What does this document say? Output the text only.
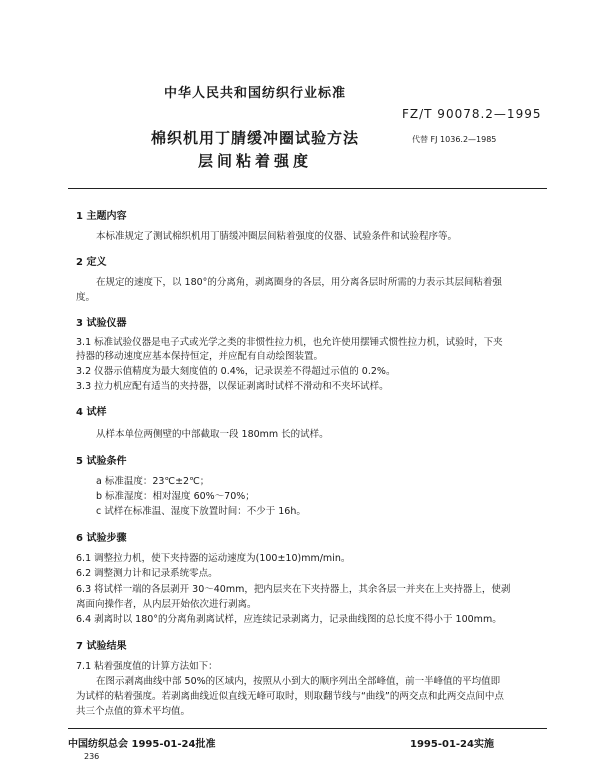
中华人民共和国纺织行业标准
FZ/T 90078.2—1995
棉织机用丁腈缓冲圈试验方法	代替 FJ 1036.2—1985
层间粘着强度
1 主题内容
本标准规定了测试棉织机用丁腈缓冲圈层间粘着强度的仪器、试验条件和试验程序等。
2 定义
在规定的速度下，以 180°的分离角，剥离圈身的各层，用分离各层时所需的力表示其层间粘着强
度。
3 试验仪器
3.1 标准试验仪器是电子式或光学之类的非惯性拉力机，也允许使用摆锤式惯性拉力机，试验时，下夹
持器的移动速度应基本保持恒定，并应配有自动绘图装置。
3.2 仪器示值精度为最大刻度值的 0.4%，记录误差不得超过示值的 0.2%。
3.3 拉力机应配有适当的夹持器，以保证剥离时试样不滑动和不夹坏试样。
4 试样
从样本单位两侧壁的中部截取一段 180mm 长的试样。
5 试验条件
a 标准温度：23℃±2℃；
b 标准湿度：相对湿度 60%～70%；
c 试样在标准温、湿度下放置时间：不少于 16h。
6 试验步骤
6.1 调整拉力机，使下夹持器的运动速度为(100±10)mm/min。
6.2 调整测力计和记录系统零点。
6.3 将试样一端的各层剥开 30～40mm，把内层夹在下夹持器上，其余各层一并夹在上夹持器上，使剥
离面向操作者，从内层开始依次进行剥离。
6.4 剥离时以 180°的分离角剥离试样，应连续记录剥离力，记录曲线图的总长度不得小于 100mm。
7 试验结果
7.1 粘着强度值的计算方法如下：
在图示剥离曲线中部 50%的区域内，按照从小到大的顺序列出全部峰值，前一半峰值的平均值即
为试样的粘着强度。若剥离曲线近似直线无峰可取时，则取翻节线与“曲线”的两交点和此两交点间中点
共三个点值的算术平均值。
中国纺织总会 1995-01-24批准	1995-01-24实施
236
